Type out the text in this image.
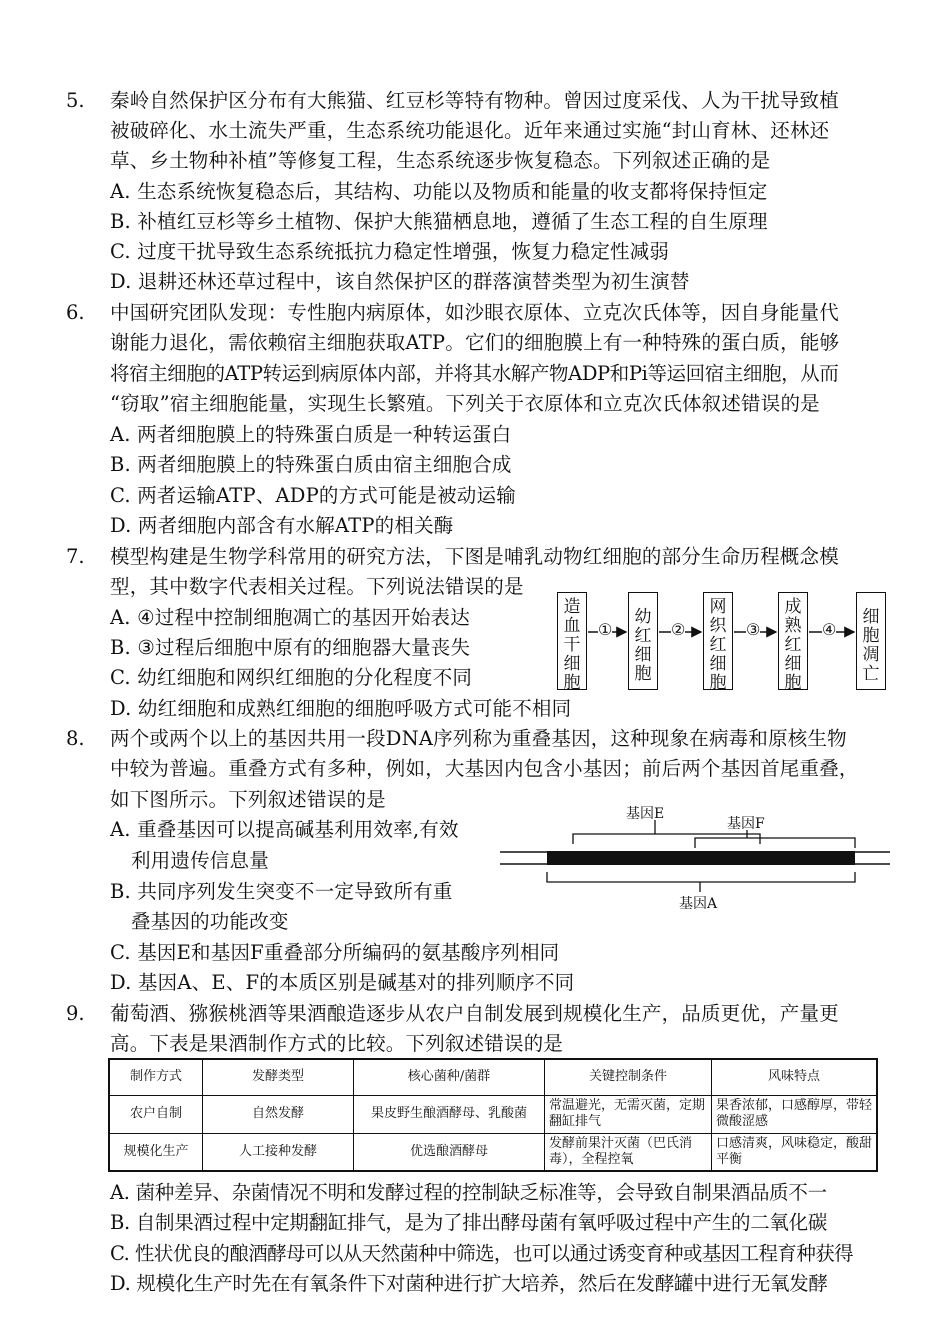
5. 秦岭自然保护区分布有大熊猫、红豆杉等特有物种。曾因过度采伐、人为干扰导致植
被破碎化、水土流失严重，生态系统功能退化。近年来通过实施“封山育林、还林还
草、乡土物种补植”等修复工程，生态系统逐步恢复稳态。下列叙述正确的是
A. 生态系统恢复稳态后，其结构、功能以及物质和能量的收支都将保持恒定
B. 补植红豆杉等乡土植物、保护大熊猫栖息地，遵循了生态工程的自生原理
C. 过度干扰导致生态系统抵抗力稳定性增强，恢复力稳定性减弱
D. 退耕还林还草过程中，该自然保护区的群落演替类型为初生演替
6. 中国研究团队发现：专性胞内病原体，如沙眼衣原体、立克次氏体等，因自身能量代
谢能力退化，需依赖宿主细胞获取ATP。它们的细胞膜上有一种特殊的蛋白质，能够
将宿主细胞的ATP转运到病原体内部，并将其水解产物ADP和Pi等运回宿主细胞，从而
“窃取”宿主细胞能量，实现生长繁殖。下列关于衣原体和立克次氏体叙述错误的是
A. 两者细胞膜上的特殊蛋白质是一种转运蛋白
B. 两者细胞膜上的特殊蛋白质由宿主细胞合成
C. 两者运输ATP、ADP的方式可能是被动运输
D. 两者细胞内部含有水解ATP的相关酶
7. 模型构建是生物学科常用的研究方法，下图是哺乳动物红细胞的部分生命历程概念模
型，其中数字代表相关过程。下列说法错误的是
A. ④过程中控制细胞凋亡的基因开始表达
B. ③过程后细胞中原有的细胞器大量丧失
C. 幼红细胞和网织红细胞的分化程度不同
D. 幼红细胞和成熟红细胞的细胞呼吸方式可能不相同
造血干细胞
幼红细胞
网织红细胞
成熟红细胞
细胞凋亡
①	②	③	④
8. 两个或两个以上的基因共用一段DNA序列称为重叠基因，这种现象在病毒和原核生物
中较为普遍。重叠方式有多种，例如，大基因内包含小基因；前后两个基因首尾重叠，
如下图所示。下列叙述错误的是
A. 重叠基因可以提高碱基利用效率,有效
利用遗传信息量
B. 共同序列发生突变不一定导致所有重
叠基因的功能改变
C. 基因E和基因F重叠部分所编码的氨基酸序列相同
D. 基因A、E、F的本质区别是碱基对的排列顺序不同
基因E
基因F
基因A
9. 葡萄酒、猕猴桃酒等果酒酿造逐步从农户自制发展到规模化生产，品质更优，产量更
高。下表是果酒制作方式的比较。下列叙述错误的是
制作方式	发酵类型	核心菌种/菌群	关键控制条件	风味特点
农户自制	自然发酵	果皮野生酿酒酵母、乳酸菌	常温避光，无需灭菌，定期翻缸排气	果香浓郁，口感醇厚，带轻微酸涩感
规模化生产	人工接种发酵	优选酿酒酵母	发酵前果汁灭菌（巴氏消毒），全程控氧	口感清爽，风味稳定，酸甜平衡
A. 菌种差异、杂菌情况不明和发酵过程的控制缺乏标准等，会导致自制果酒品质不一
B. 自制果酒过程中定期翻缸排气，是为了排出酵母菌有氧呼吸过程中产生的二氧化碳
C. 性状优良的酿酒酵母可以从天然菌种中筛选，也可以通过诱变育种或基因工程育种获得
D. 规模化生产时先在有氧条件下对菌种进行扩大培养，然后在发酵罐中进行无氧发酵
